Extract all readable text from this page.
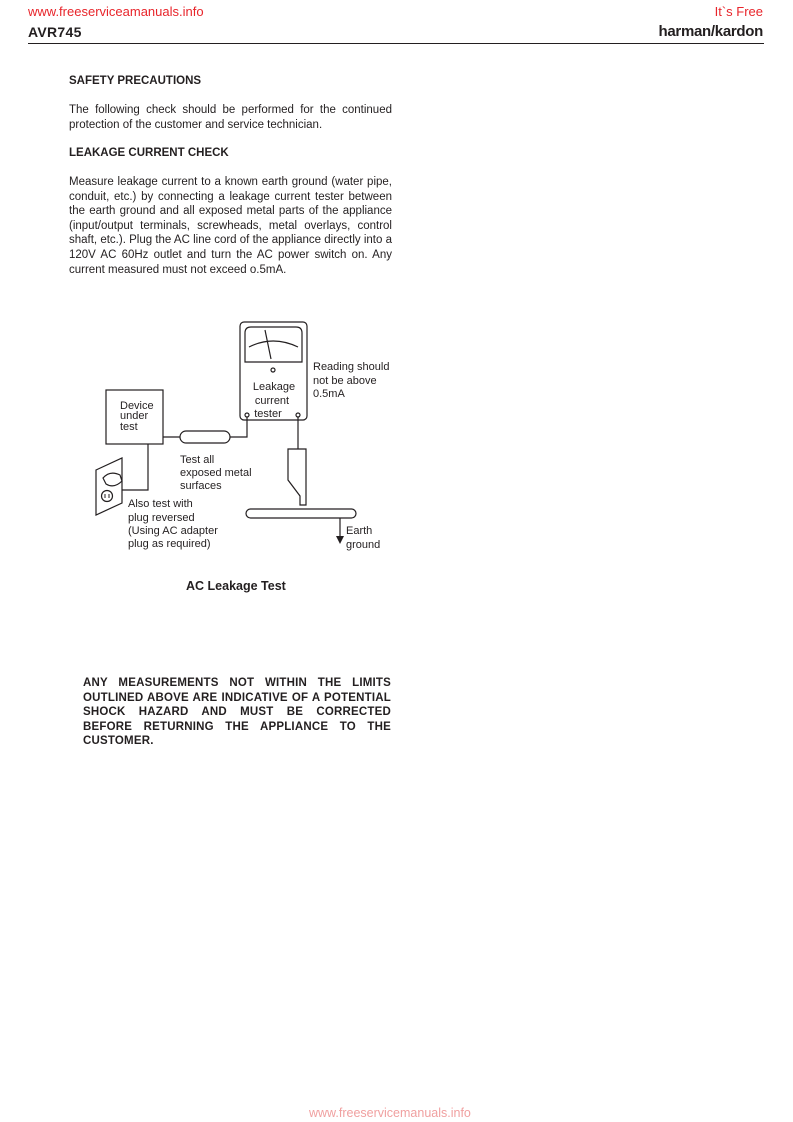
www.freeserviceamanuals.info	It`s Free
AVR745	harman/kardon
SAFETY PRECAUTIONS
The following check should be performed for the continued protection of the customer and service technician.
LEAKAGE CURRENT CHECK
Measure leakage current to a known earth ground (water pipe, conduit, etc.) by connecting a leakage current tester between the earth ground and all exposed metal parts of the appliance (input/output terminals, screwheads, metal overlays, control shaft, etc.). Plug the AC line cord of the appliance directly into a 120V AC 60Hz outlet and turn the AC power switch on. Any current measured must not exceed o.5mA.
Leakage
current
tester
Device
under
test
Reading should
not be above
0.5mA
Test all
exposed metal
surfaces
Also test with
plug reversed
(Using AC adapter
plug as required)
Earth
ground
AC Leakage Test
ANY MEASUREMENTS NOT WITHIN THE LIMITS OUTLINED ABOVE ARE INDICATIVE OF A POTENTIAL SHOCK HAZARD AND MUST BE CORRECTED BEFORE RETURNING THE APPLIANCE TO THE CUSTOMER.
www.freeservicemanuals.info
